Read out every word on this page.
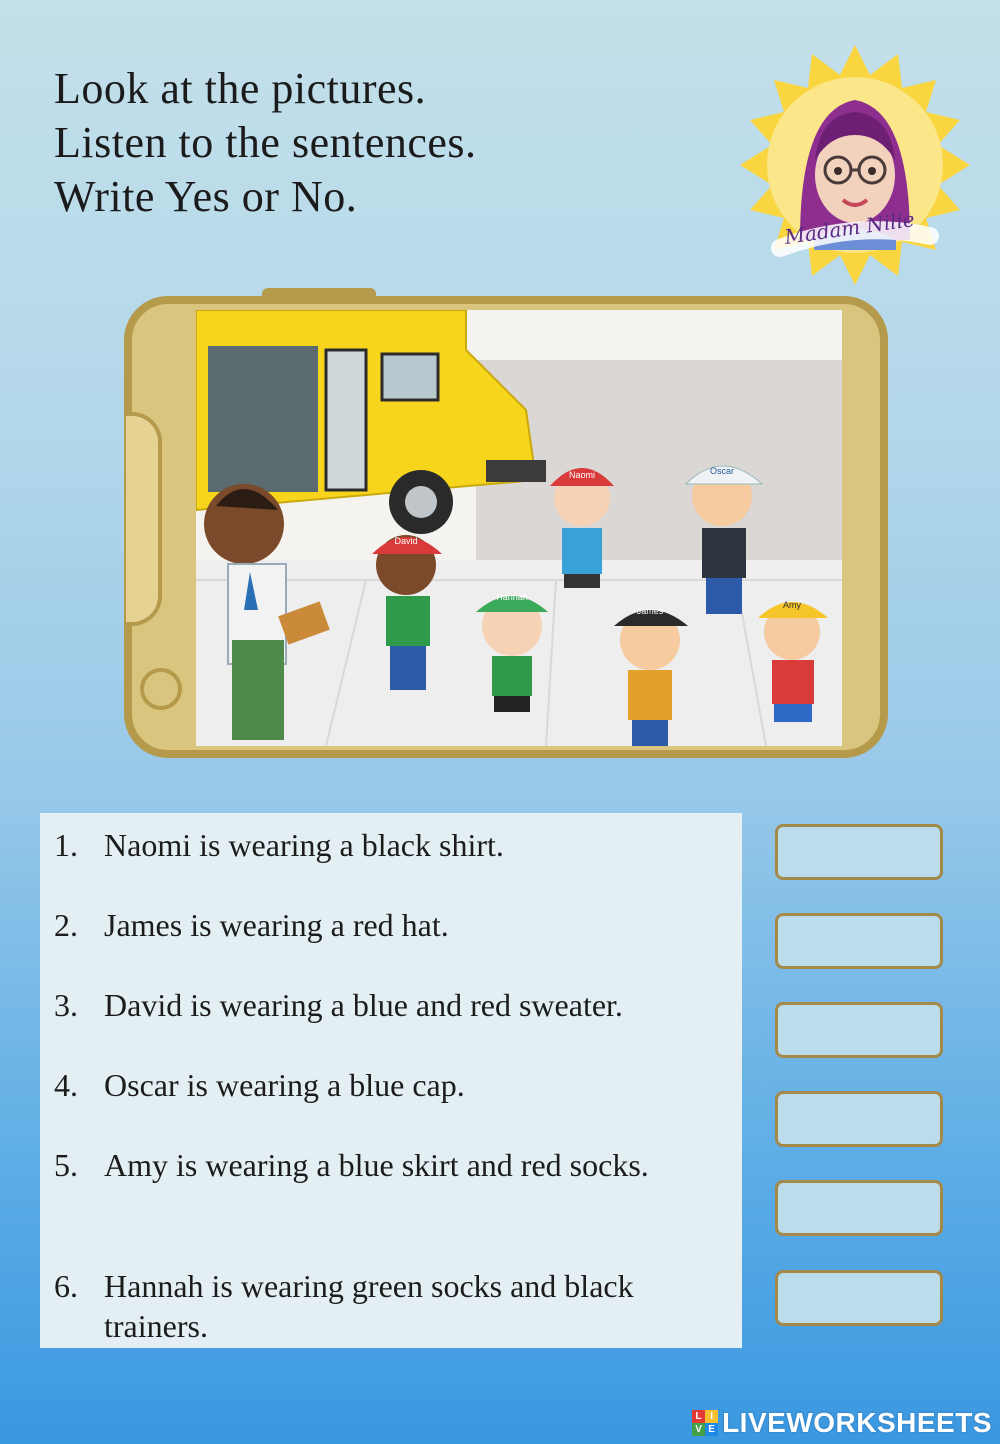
Look at the pictures.
Listen to the sentences.
Write Yes or No.
Madam Nilie
David
Naomi	Oscar
Hannah
James
Amy
1. Naomi is wearing a black shirt.
2. James is wearing a red hat.
3. David is wearing a blue and red sweater.
4. Oscar is wearing a blue cap.
5. Amy is wearing a blue skirt and red socks.
6. Hannah is wearing green socks and black trainers.
L I
V E LIVEWORKSHEETS
